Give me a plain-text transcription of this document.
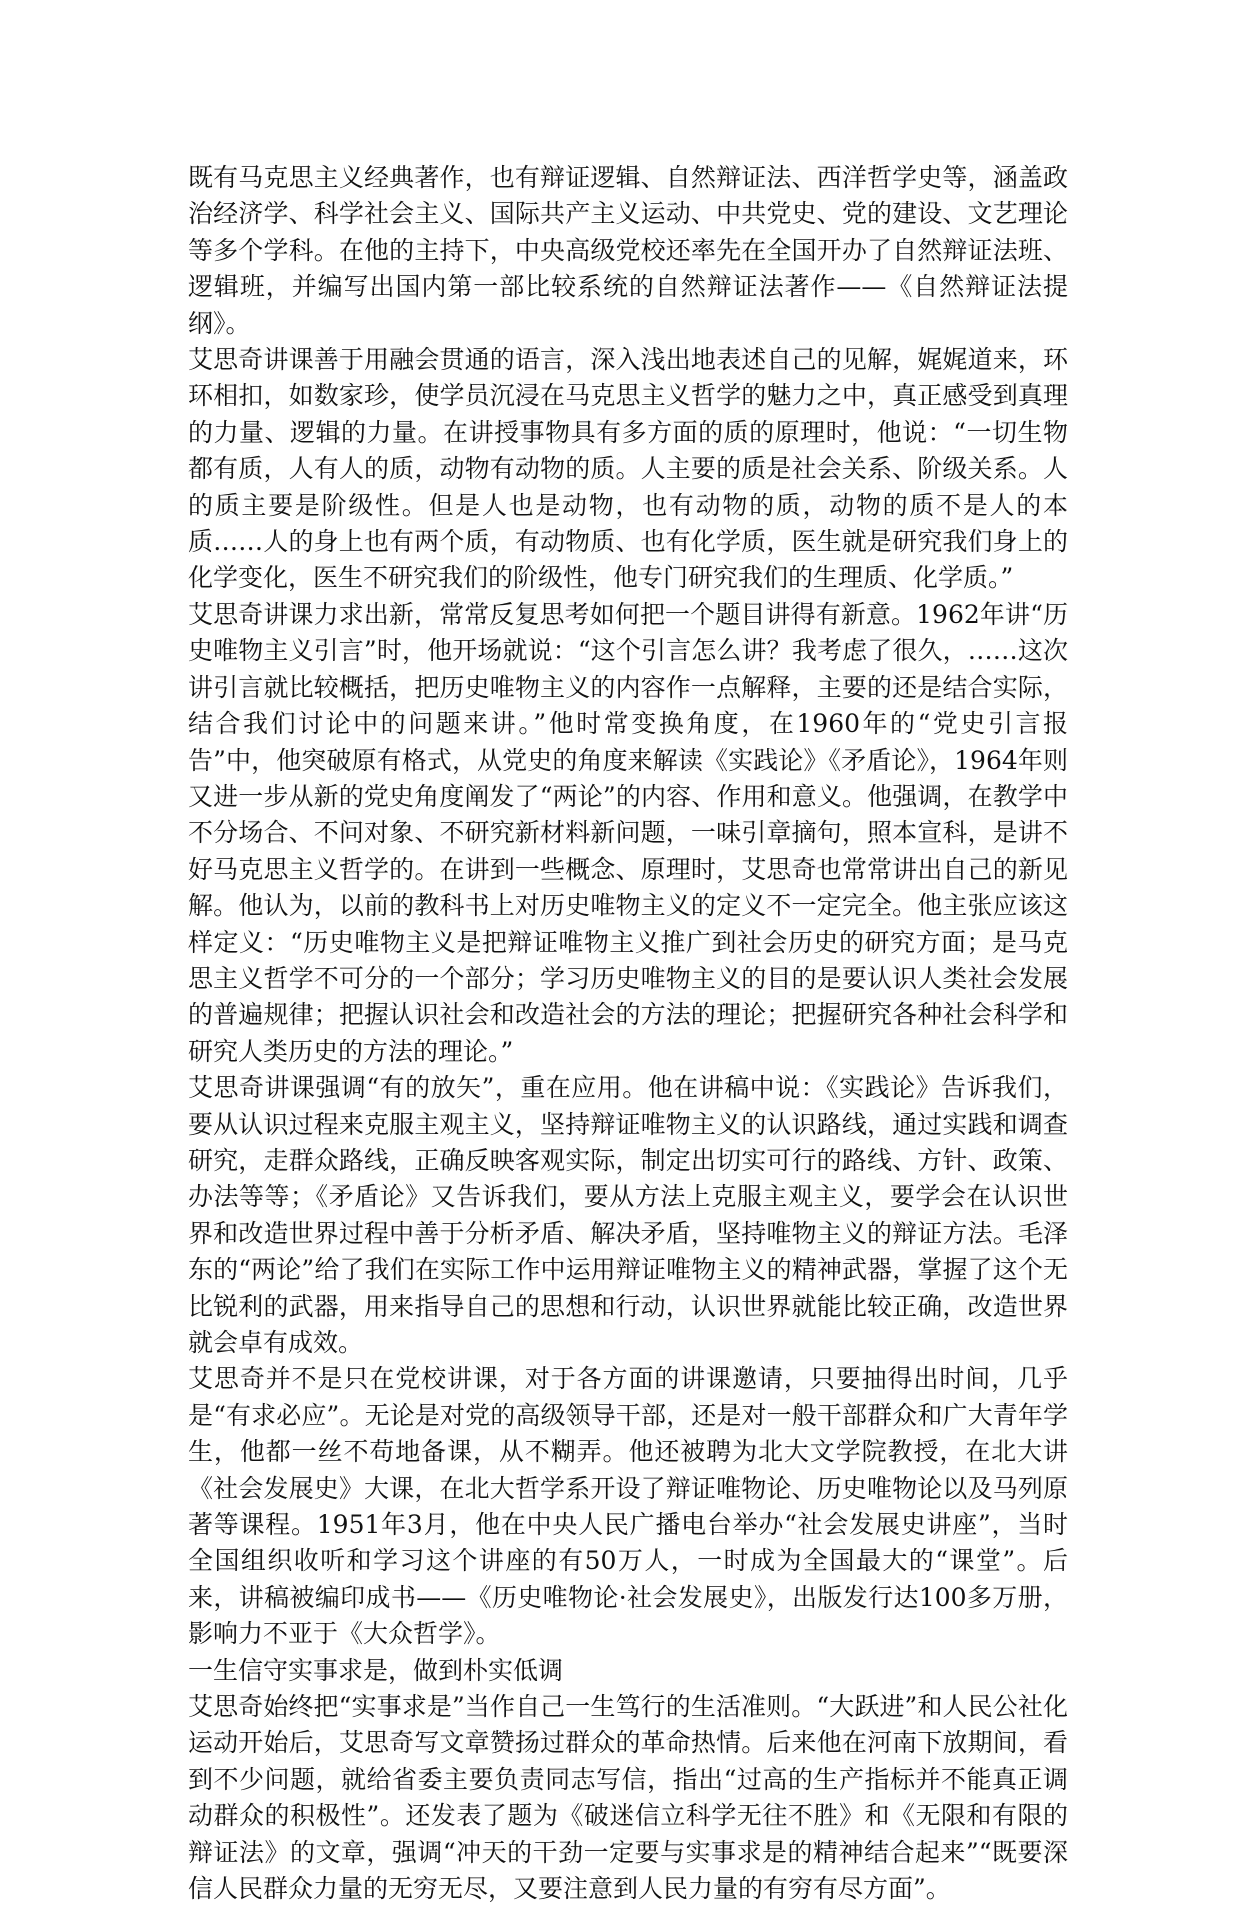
既有马克思主义经典著作，也有辩证逻辑、自然辩证法、西洋哲学史等，涵盖政治经济学、科学社会主义、国际共产主义运动、中共党史、党的建设、文艺理论等多个学科。在他的主持下，中央高级党校还率先在全国开办了自然辩证法班、逻辑班，并编写出国内第一部比较系统的自然辩证法著作——《自然辩证法提纲》。

艾思奇讲课善于用融会贯通的语言，深入浅出地表述自己的见解，娓娓道来，环环相扣，如数家珍，使学员沉浸在马克思主义哲学的魅力之中，真正感受到真理的力量、逻辑的力量。在讲授事物具有多方面的质的原理时，他说：“一切生物都有质，人有人的质，动物有动物的质。人主要的质是社会关系、阶级关系。人的质主要是阶级性。但是人也是动物，也有动物的质，动物的质不是人的本质……人的身上也有两个质，有动物质、也有化学质，医生就是研究我们身上的化学变化，医生不研究我们的阶级性，他专门研究我们的生理质、化学质。”

艾思奇讲课力求出新，常常反复思考如何把一个题目讲得有新意。1962年讲“历史唯物主义引言”时，他开场就说：“这个引言怎么讲？我考虑了很久，……这次讲引言就比较概括，把历史唯物主义的内容作一点解释，主要的还是结合实际，结合我们讨论中的问题来讲。”他时常变换角度，在1960年的“党史引言报告”中，他突破原有格式，从党史的角度来解读《实践论》《矛盾论》，1964年则又进一步从新的党史角度阐发了“两论”的内容、作用和意义。他强调，在教学中不分场合、不问对象、不研究新材料新问题，一味引章摘句，照本宣科，是讲不好马克思主义哲学的。在讲到一些概念、原理时，艾思奇也常常讲出自己的新见解。他认为，以前的教科书上对历史唯物主义的定义不一定完全。他主张应该这样定义：“历史唯物主义是把辩证唯物主义推广到社会历史的研究方面；是马克思主义哲学不可分的一个部分；学习历史唯物主义的目的是要认识人类社会发展的普遍规律；把握认识社会和改造社会的方法的理论；把握研究各种社会科学和研究人类历史的方法的理论。”

艾思奇讲课强调“有的放矢”，重在应用。他在讲稿中说：《实践论》告诉我们，要从认识过程来克服主观主义，坚持辩证唯物主义的认识路线，通过实践和调查研究，走群众路线，正确反映客观实际，制定出切实可行的路线、方针、政策、办法等等；《矛盾论》又告诉我们，要从方法上克服主观主义，要学会在认识世界和改造世界过程中善于分析矛盾、解决矛盾，坚持唯物主义的辩证方法。毛泽东的“两论”给了我们在实际工作中运用辩证唯物主义的精神武器，掌握了这个无比锐利的武器，用来指导自己的思想和行动，认识世界就能比较正确，改造世界就会卓有成效。

艾思奇并不是只在党校讲课，对于各方面的讲课邀请，只要抽得出时间，几乎是“有求必应”。无论是对党的高级领导干部，还是对一般干部群众和广大青年学生，他都一丝不苟地备课，从不糊弄。他还被聘为北大文学院教授，在北大讲《社会发展史》大课，在北大哲学系开设了辩证唯物论、历史唯物论以及马列原著等课程。1951年3月，他在中央人民广播电台举办“社会发展史讲座”，当时全国组织收听和学习这个讲座的有50万人，一时成为全国最大的“课堂”。后来，讲稿被编印成书——《历史唯物论·社会发展史》，出版发行达100多万册，影响力不亚于《大众哲学》。

一生信守实事求是，做到朴实低调

艾思奇始终把“实事求是”当作自己一生笃行的生活准则。“大跃进”和人民公社化运动开始后，艾思奇写文章赞扬过群众的革命热情。后来他在河南下放期间，看到不少问题，就给省委主要负责同志写信，指出“过高的生产指标并不能真正调动群众的积极性”。还发表了题为《破迷信立科学无往不胜》和《无限和有限的辩证法》的文章，强调“冲天的干劲一定要与实事求是的精神结合起来”“既要深信人民群众力量的无穷无尽，又要注意到人民力量的有穷有尽方面”。
